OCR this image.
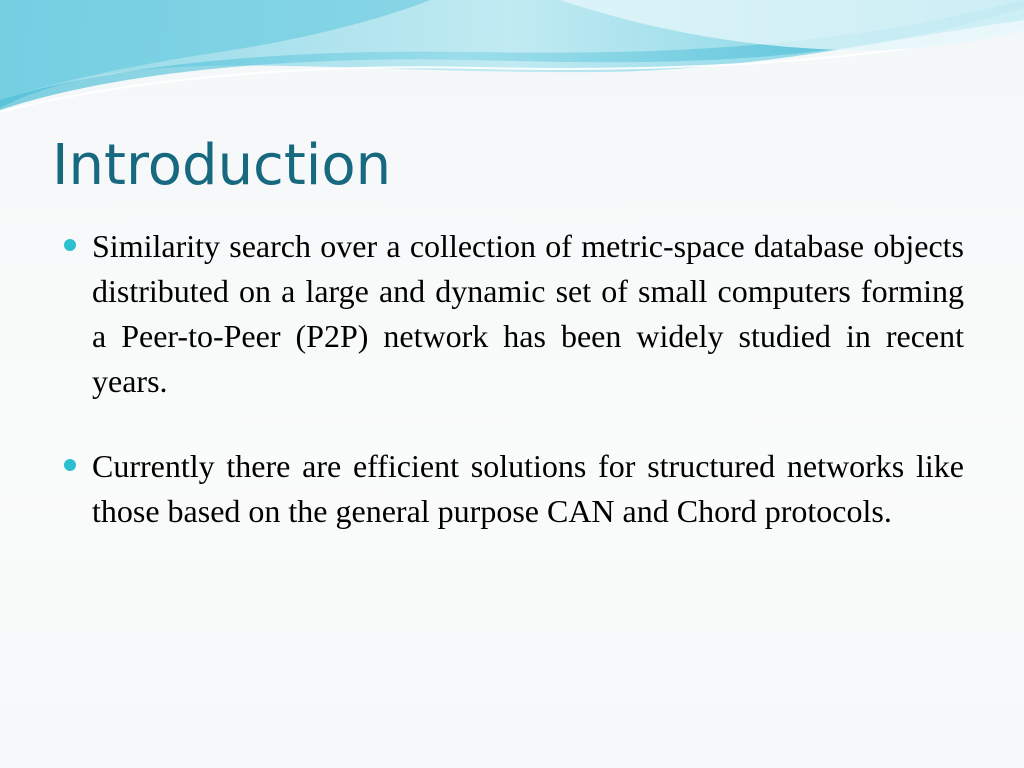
Introduction
Similarity search over a collection of metric-space database objects distributed on a large and dynamic set of small computers forming a Peer-to-Peer (P2P) network has been widely studied in recent years.
Currently there are efficient solutions for structured networks like those based on the general purpose CAN and Chord protocols.
